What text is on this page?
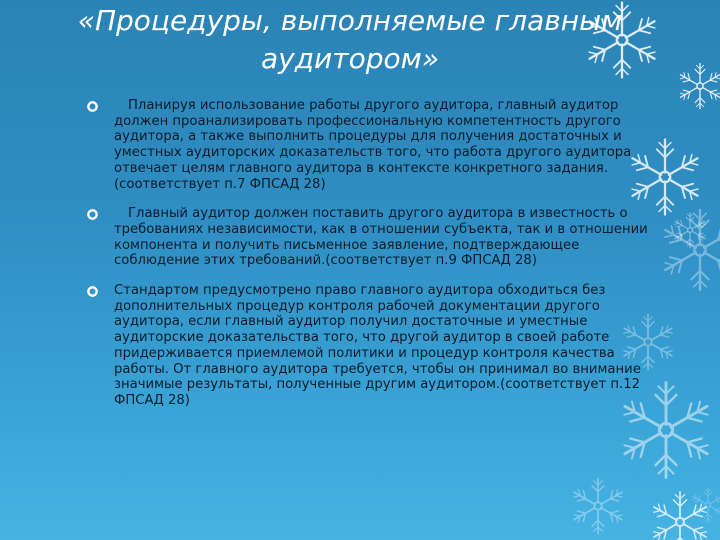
«Процедуры, выполняемые главным аудитором»
Планируя использование работы другого аудитора, главный аудитор должен проанализировать профессиональную компетентность другого аудитора, а также выполнить процедуры для получения достаточных и уместных аудиторских доказательств того, что работа другого аудитора отвечает целям главного аудитора в контексте конкретного задания.(соответствует п.7 ФПСАД 28)
Главный аудитор должен поставить другого аудитора в известность о требованиях независимости, как в отношении субъекта, так и в отношении компонента и получить письменное заявление, подтверждающее соблюдение этих требований.(соответствует п.9 ФПСАД 28)
Стандартом предусмотрено право главного аудитора обходиться без дополнительных процедур контроля рабочей документации другого аудитора, если главный аудитор получил достаточные и уместные аудиторские доказательства того, что другой аудитор в своей работе придерживается приемлемой политики и процедур контроля качества работы. От главного аудитора требуется, чтобы он принимал во внимание значимые результаты, полученные другим аудитором.(соответствует п.12 ФПСАД 28)
